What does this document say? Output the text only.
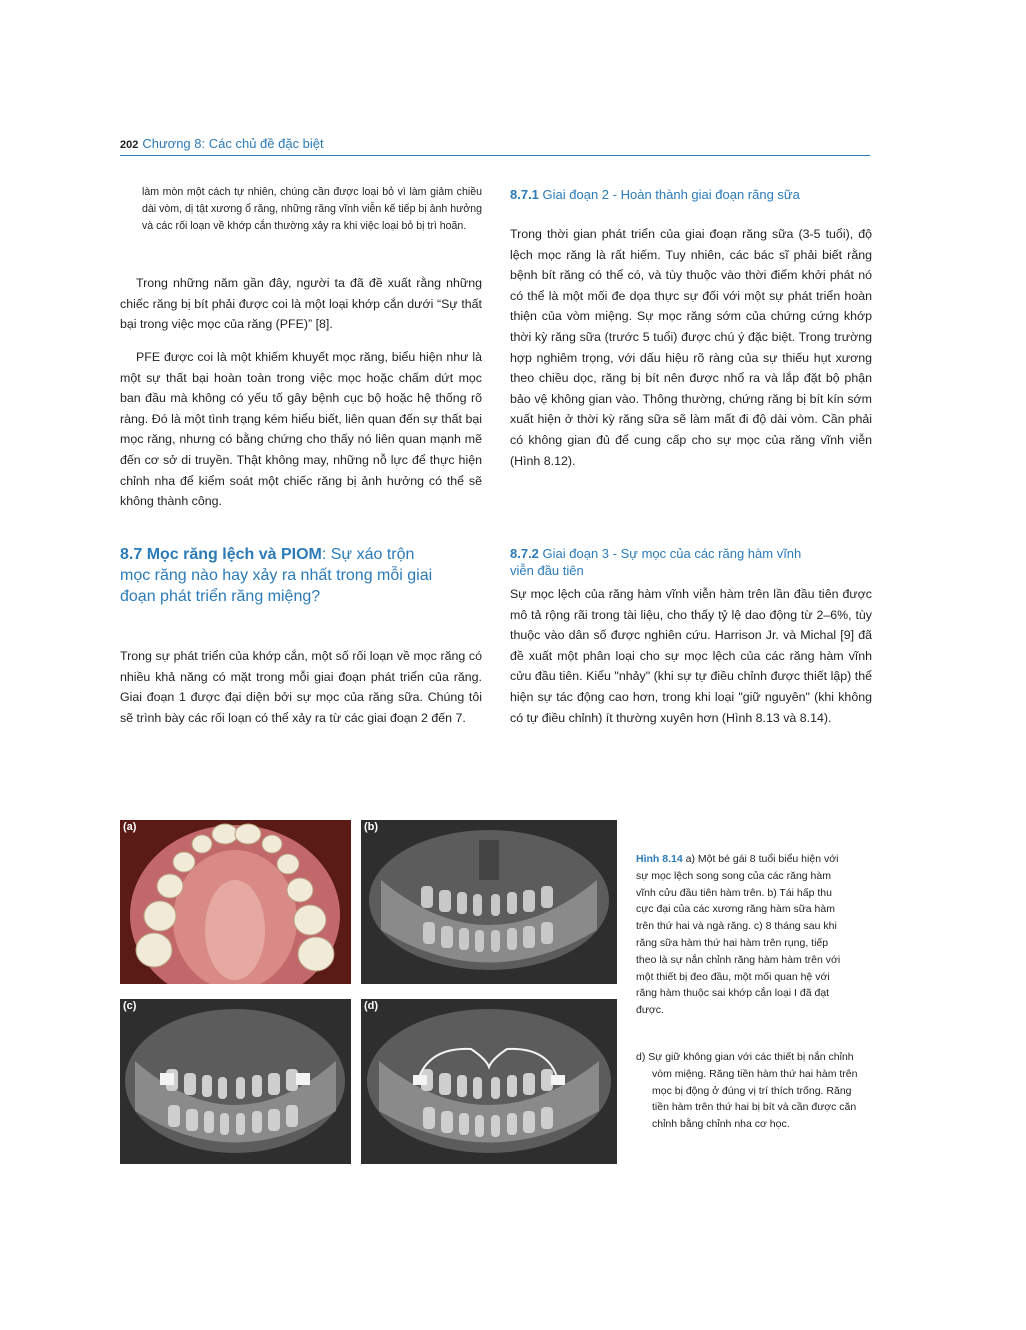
202 Chương 8: Các chủ đề đặc biệt

làm mòn một cách tự nhiên, chúng cần được loại bỏ vì làm giảm chiều dài vòm, dị tật xương ổ răng, những răng vĩnh viễn kế tiếp bị ảnh hưởng và các rối loạn về khớp cắn thường xảy ra khi việc loại bỏ bị trì hoãn.

Trong những năm gần đây, người ta đã đề xuất rằng những chiếc răng bị bít phải được coi là một loại khớp cắn dưới “Sự thất bại trong việc mọc của răng (PFE)” [8].

PFE được coi là một khiếm khuyết mọc răng, biểu hiện như là một sự thất bại hoàn toàn trong việc mọc hoặc chấm dứt mọc ban đầu mà không có yếu tố gây bệnh cục bộ hoặc hệ thống rõ ràng. Đó là một tình trạng kém hiểu biết, liên quan đến sự thất bại mọc răng, nhưng có bằng chứng cho thấy nó liên quan mạnh mẽ đến cơ sở di truyền. Thật không may, những nỗ lực để thực hiện chỉnh nha để kiểm soát một chiếc răng bị ảnh hưởng có thể sẽ không thành công.

8.7 Mọc răng lệch và PIOM: Sự xáo trộn mọc răng nào hay xảy ra nhất trong mỗi giai đoạn phát triển răng miệng?

Trong sự phát triển của khớp cắn, một số rối loạn về mọc răng có nhiều khả năng có mặt trong mỗi giai đoạn phát triển của răng. Giai đoạn 1 được đại diện bởi sự mọc của răng sữa. Chúng tôi sẽ trình bày các rối loạn có thể xảy ra từ các giai đoạn 2 đến 7.

8.7.1 Giai đoạn 2 - Hoàn thành giai đoạn răng sữa

Trong thời gian phát triển của giai đoạn răng sữa (3-5 tuổi), độ lệch mọc răng là rất hiếm. Tuy nhiên, các bác sĩ phải biết rằng bệnh bít răng có thể có, và tùy thuộc vào thời điểm khởi phát nó có thể là một mối đe dọa thực sự đối với một sự phát triển hoàn thiện của vòm miệng. Sự mọc răng sớm của chứng cứng khớp thời kỳ răng sữa (trước 5 tuổi) được chú ý đặc biệt. Trong trường hợp nghiêm trọng, với dấu hiệu rõ ràng của sự thiếu hụt xương theo chiều dọc, răng bị bít nên được nhổ ra và lắp đặt bộ phận bảo vệ không gian vào. Thông thường, chứng răng bị bít kín sớm xuất hiện ở thời kỳ răng sữa sẽ làm mất đi độ dài vòm. Cần phải có không gian đủ để cung cấp cho sự mọc của răng vĩnh viễn (Hình 8.12).

8.7.2 Giai đoạn 3 - Sự mọc của các răng hàm vĩnh viễn đầu tiên

Sự mọc lệch của răng hàm vĩnh viễn hàm trên lần đầu tiên được mô tả rộng rãi trong tài liệu, cho thấy tỷ lệ dao động từ 2–6%, tùy thuộc vào dân số được nghiên cứu. Harrison Jr. và Michal [9] đã đề xuất một phân loại cho sự mọc lệch của các răng hàm vĩnh cửu đầu tiên. Kiểu "nhảy" (khi sự tự điều chỉnh được thiết lập) thể hiện sự tác động cao hơn, trong khi loại "giữ nguyên" (khi không có tự điều chỉnh) ít thường xuyên hơn (Hình 8.13 và 8.14).

(a)	(b)
(c)	(d)

Hình 8.14 a) Một bé gái 8 tuổi biểu hiện với sự mọc lệch song song của các răng hàm vĩnh cửu đầu tiên hàm trên. b) Tái hấp thu cực đại của các xương răng hàm sữa hàm trên thứ hai và ngà răng. c) 8 tháng sau khi răng sữa hàm thứ hai hàm trên rụng, tiếp theo là sự nắn chỉnh răng hàm hàm trên với một thiết bị đeo đầu, một mối quan hệ với răng hàm thuộc sai khớp cắn loại I đã đạt được.

d) Sự giữ không gian với các thiết bị nắn chỉnh vòm miệng. Răng tiền hàm thứ hai hàm trên mọc bị động ở đúng vị trí thích trống. Răng tiền hàm trên thứ hai bị bít và cần được căn chỉnh bằng chỉnh nha cơ học.
